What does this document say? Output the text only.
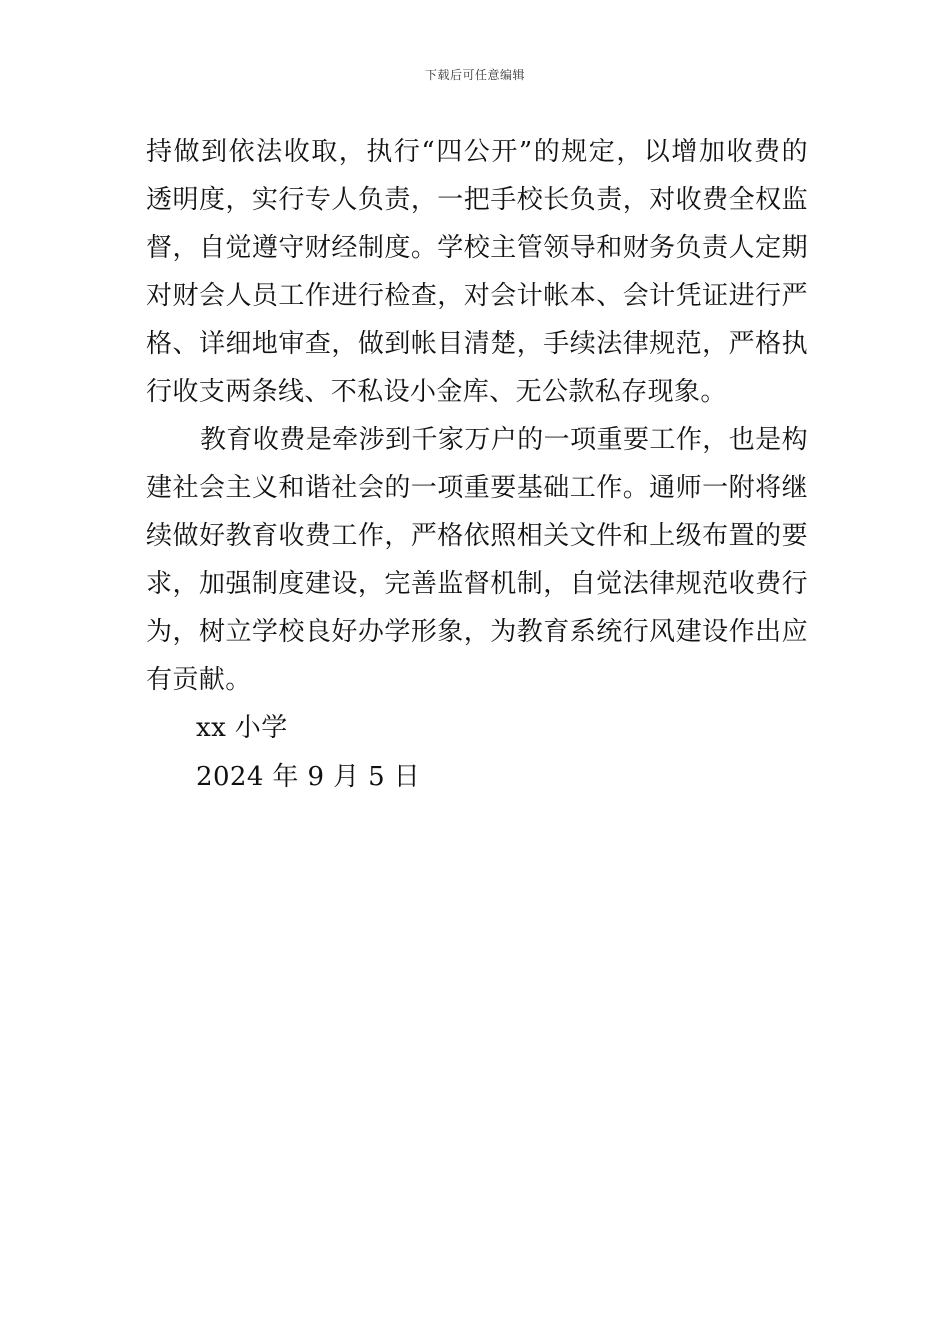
下载后可任意编辑
持做到依法收取，执行“四公开”的规定，以增加收费的
透明度，实行专人负责，一把手校长负责，对收费全权监
督，自觉遵守财经制度。学校主管领导和财务负责人定期
对财会人员工作进行检查，对会计帐本、会计凭证进行严
格、详细地审查，做到帐目清楚，手续法律规范，严格执
行收支两条线、不私设小金库、无公款私存现象。
教育收费是牵涉到千家万户的一项重要工作，也是构
建社会主义和谐社会的一项重要基础工作。通师一附将继
续做好教育收费工作，严格依照相关文件和上级布置的要
求，加强制度建设，完善监督机制，自觉法律规范收费行
为，树立学校良好办学形象，为教育系统行风建设作出应
有贡献。
xx 小学
2024 年 9 月 5 日
